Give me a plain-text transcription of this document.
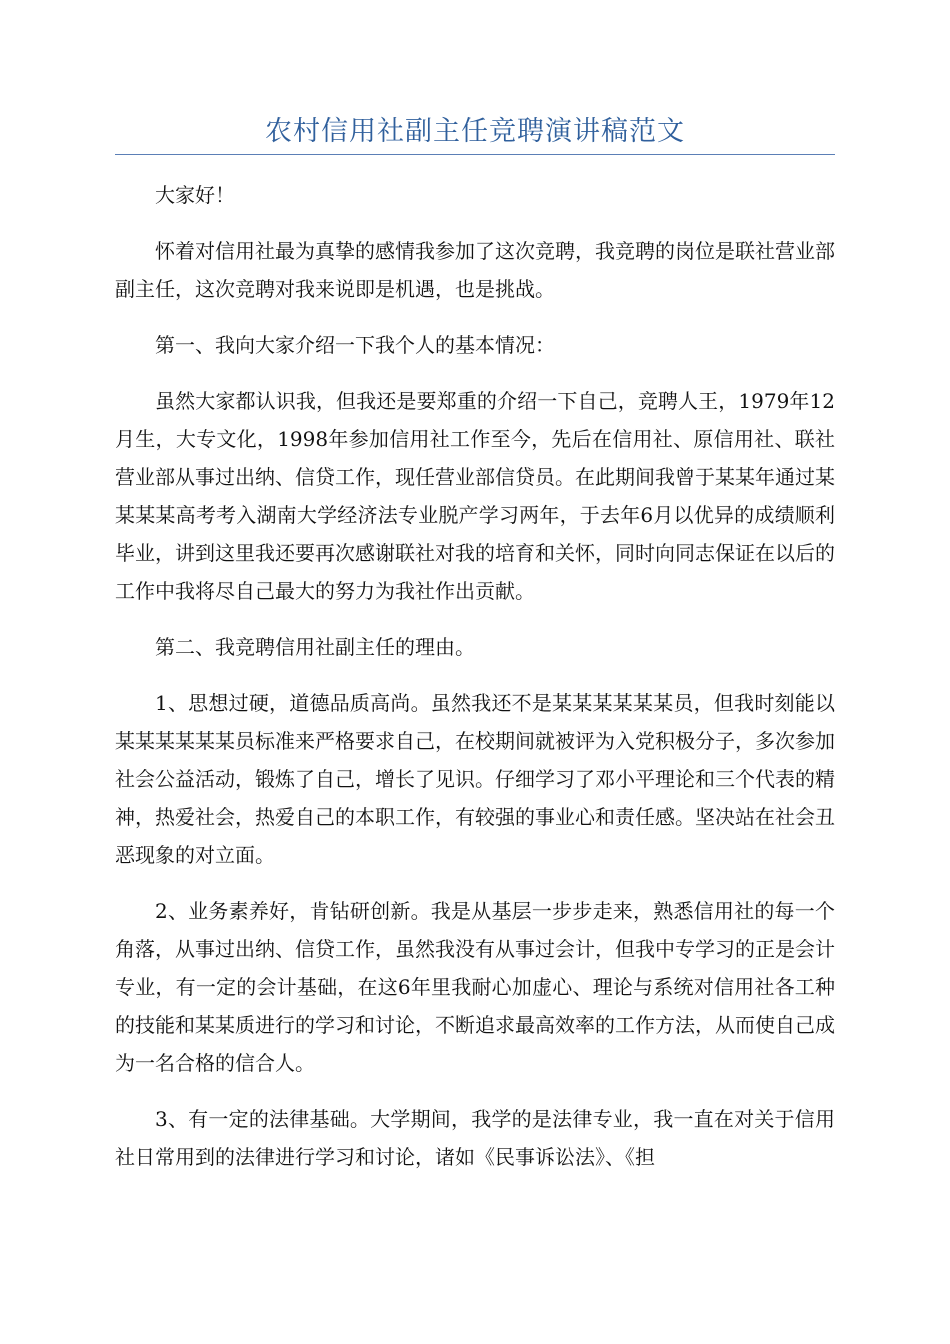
农村信用社副主任竞聘演讲稿范文

大家好！

怀着对信用社最为真挚的感情我参加了这次竞聘，我竞聘的岗位是联社营业部副主任，这次竞聘对我来说即是机遇，也是挑战。

第一、我向大家介绍一下我个人的基本情况：

虽然大家都认识我，但我还是要郑重的介绍一下自己，竞聘人王，1979年12月生，大专文化，1998年参加信用社工作至今，先后在信用社、原信用社、联社营业部从事过出纳、信贷工作，现任营业部信贷员。在此期间我曾于某某年通过某某某某高考考入湖南大学经济法专业脱产学习两年，于去年6月以优异的成绩顺利毕业，讲到这里我还要再次感谢联社对我的培育和关怀，同时向同志保证在以后的工作中我将尽自己最大的努力为我社作出贡献。

第二、我竞聘信用社副主任的理由。

1、思想过硬，道德品质高尚。虽然我还不是某某某某某某员，但我时刻能以某某某某某某员标准来严格要求自己，在校期间就被评为入党积极分子，多次参加社会公益活动，锻炼了自己，增长了见识。仔细学习了邓小平理论和三个代表的精神，热爱社会，热爱自己的本职工作，有较强的事业心和责任感。坚决站在社会丑恶现象的对立面。

2、业务素养好，肯钻研创新。我是从基层一步步走来，熟悉信用社的每一个角落，从事过出纳、信贷工作，虽然我没有从事过会计，但我中专学习的正是会计专业，有一定的会计基础，在这6年里我耐心加虚心、理论与系统对信用社各工种的技能和某某质进行的学习和讨论，不断追求最高效率的工作方法，从而使自己成为一名合格的信合人。

3、有一定的法律基础。大学期间，我学的是法律专业，我一直在对关于信用社日常用到的法律进行学习和讨论，诸如《民事诉讼法》、《担
